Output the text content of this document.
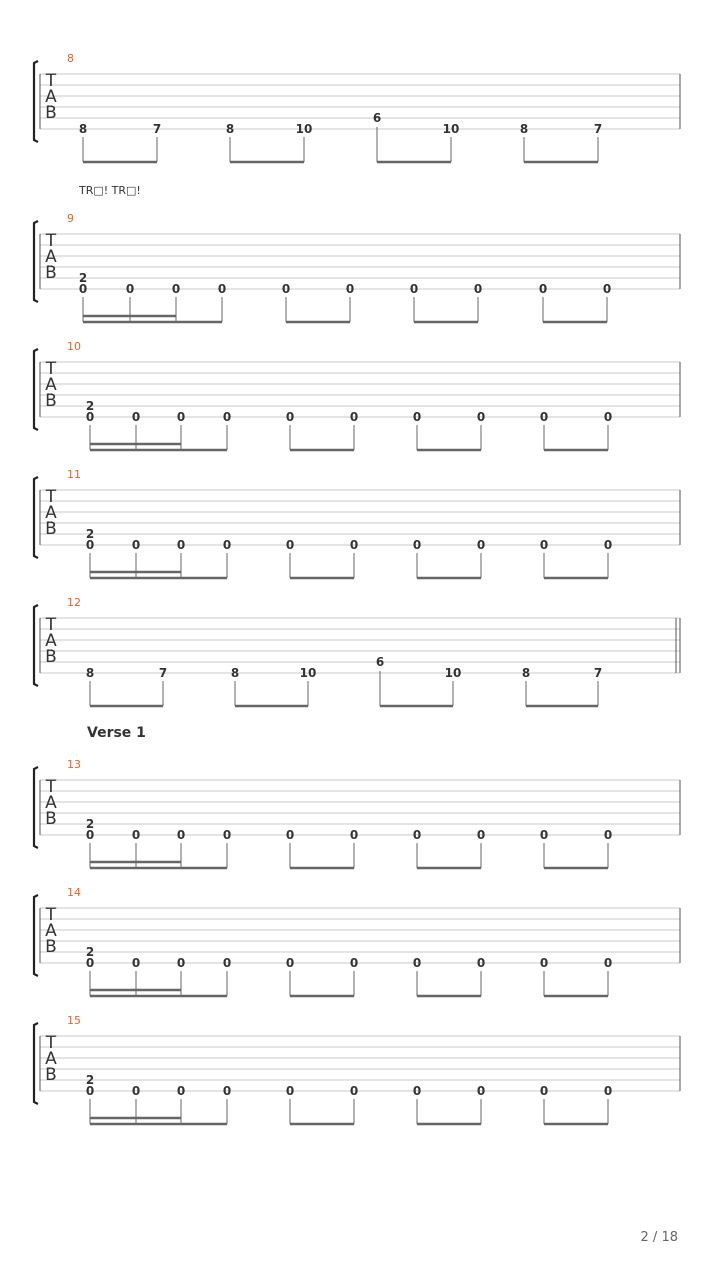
8
T
A
B
8	7	8	10
6
10	8	7
9
T
A
B
0	0	0	0	0	0	0	0	0	0
2
10
T
A
B
0	0	0	0	0	0	0	0	0	0
2
11
T
A
B
0	0	0	0	0	0	0	0	0	0
2
12
T
A
B
8	7	8	10
6
10	8	7
13
T
A
B
0	0	0	0	0	0	0	0	0	0
2
14
T
A
B
0	0	0	0	0	0	0	0	0	0
2
15
T
A
B
0	0	0	0	0	0	0	0	0	0
2
TR□! TR□!
Verse 1
2 / 18
